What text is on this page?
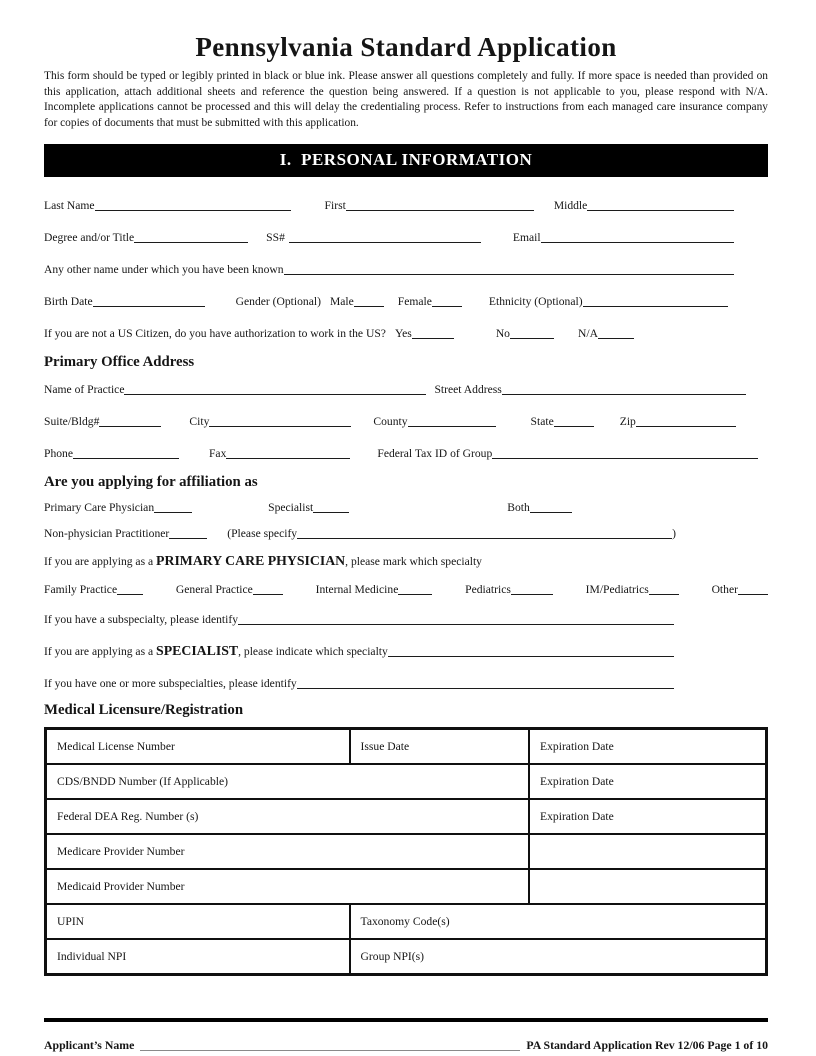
Pennsylvania Standard Application
This form should be typed or legibly printed in black or blue ink. Please answer all questions completely and fully. If more space is needed than provided on this application, attach additional sheets and reference the question being answered. If a question is not applicable to you, please respond with N/A. Incomplete applications cannot be processed and this will delay the credentialing process. Refer to instructions from each managed care insurance company for copies of documents that must be submitted with this application.
I.  PERSONAL INFORMATION
Last Name	First	Middle
Degree and/or Title	SS#	Email
Any other name under which you have been known
Birth Date	Gender (Optional) Male	Female	Ethnicity (Optional)
If you are not a US Citizen, do you have authorization to work in the US? Yes	No	N/A
Primary Office Address
Name of Practice	Street Address
Suite/Bldg#	City	County	State	Zip
Phone	Fax	Federal Tax ID of Group
Are you applying for affiliation as
Primary Care Physician	Specialist	Both
Non-physician Practitioner	(Please specify	)
If you are applying as a PRIMARY CARE PHYSICIAN, please mark which specialty
Family Practice	General Practice	Internal Medicine	Pediatrics	IM/Pediatrics	Other
If you have a subspecialty, please identify
If you are applying as a SPECIALIST, please indicate which specialty
If you have one or more subspecialties, please identify
Medical Licensure/Registration
Medical License Number	Issue Date	Expiration Date
CDS/BNDD Number (If Applicable)	Expiration Date
Federal DEA Reg. Number (s)	Expiration Date
Medicare Provider Number
Medicaid Provider Number
UPIN	Taxonomy Code(s)
Individual NPI	Group NPI(s)
Applicant’s Name	PA Standard Application Rev 12/06 Page 1 of 10
